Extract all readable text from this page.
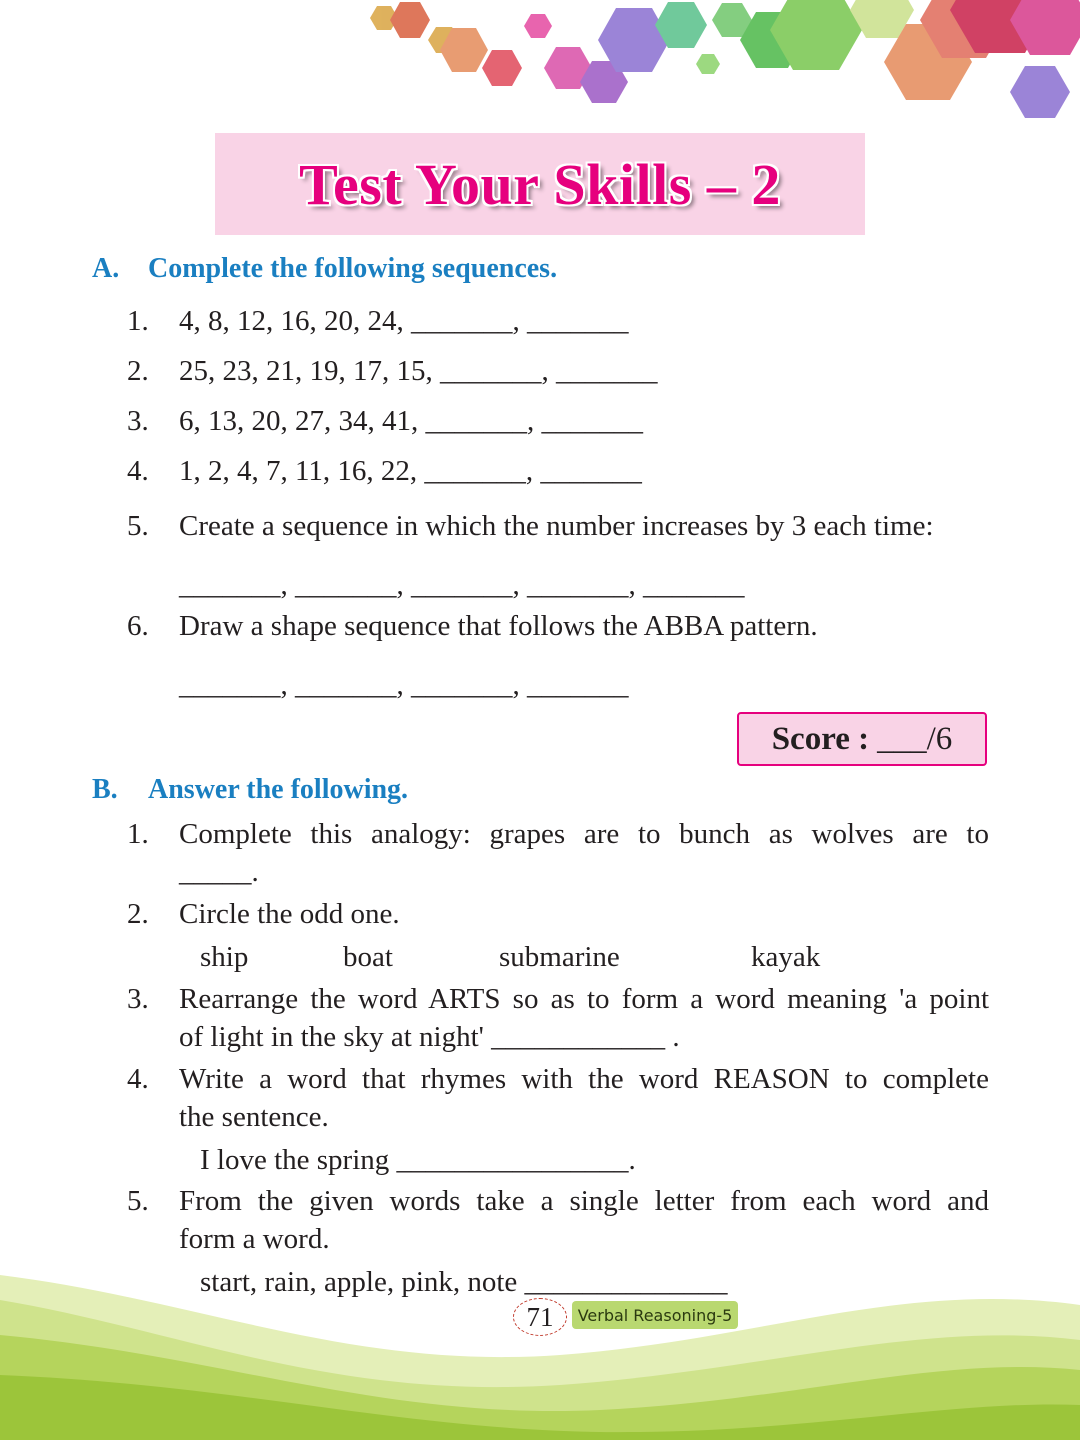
Test Your Skills – 2
A. Complete the following sequences.
1.	4, 8, 12, 16, 20, 24, _______, _______
2.	25, 23, 21, 19, 17, 15, _______, _______
3.	6, 13, 20, 27, 34, 41, _______, _______
4.	1, 2, 4, 7, 11, 16, 22, _______, _______
5.	Create a sequence in which the number increases by 3 each time:
_______, _______, _______, _______, _______
6.	Draw a shape sequence that follows the ABBA pattern.
_______, _______, _______, _______
Score : ___/6
B. Answer the following.
1.	Complete this analogy: grapes are to bunch as wolves are to
_____.
2.	Circle the odd one.
ship	boat	submarine	kayak
3.	Rearrange the word ARTS so as to form a word meaning 'a point
of light in the sky at night' ____________ .
4.	Write a word that rhymes with the word REASON to complete
the sentence.
I love the spring ________________.
5.	From the given words take a single letter from each word and
form a word.
start, rain, apple, pink, note ______________
71	Verbal Reasoning-5
